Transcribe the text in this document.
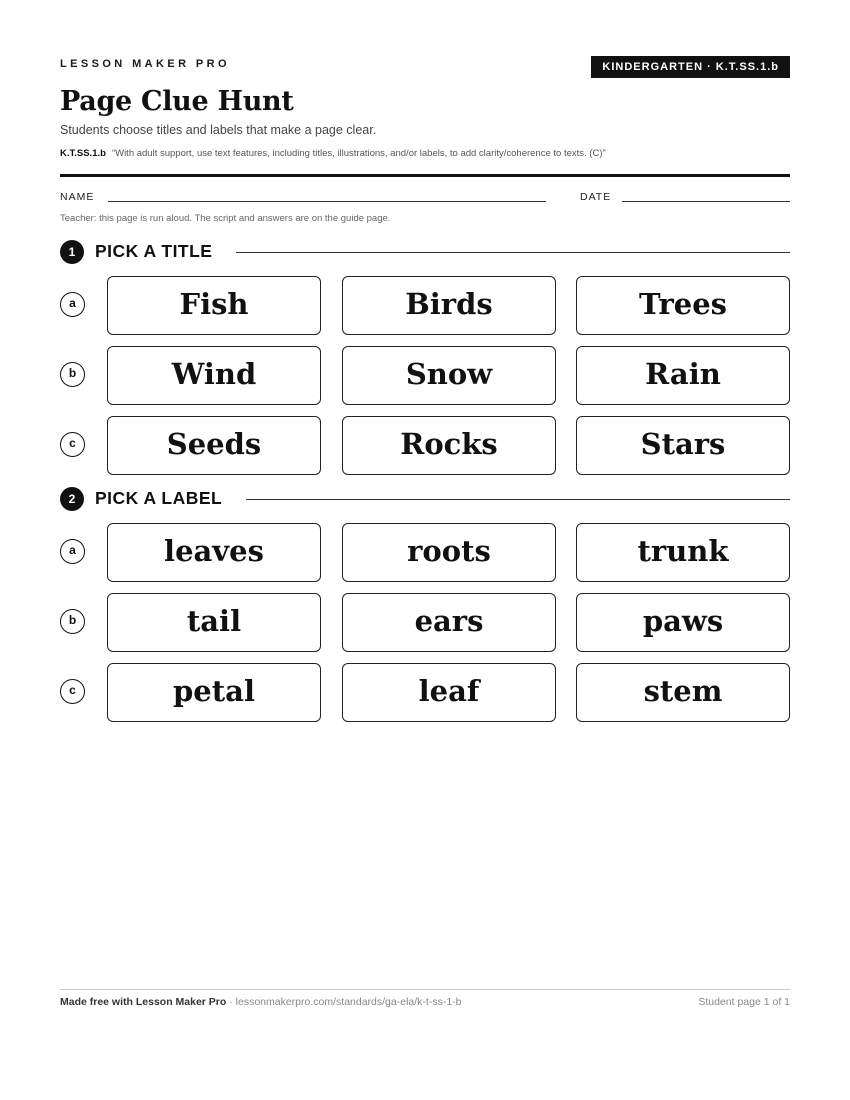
LESSON MAKER PRO	KINDERGARTEN · K.T.SS.1.b
Page Clue Hunt
Students choose titles and labels that make a page clear.
K.T.SS.1.b “With adult support, use text features, including titles, illustrations, and/or labels, to add clarity/coherence to texts. (C)”
NAME	DATE
Teacher: this page is run aloud. The script and answers are on the guide page.
1	PICK A TITLE
a	Fish	Birds	Trees
b	Wind	Snow	Rain
c	Seeds	Rocks	Stars
2	PICK A LABEL
a	leaves	roots	trunk
b	tail	ears	paws
c	petal	leaf	stem
Made free with Lesson Maker Pro · lessonmakerpro.com/standards/ga-ela/k-t-ss-1-b	Student page 1 of 1
